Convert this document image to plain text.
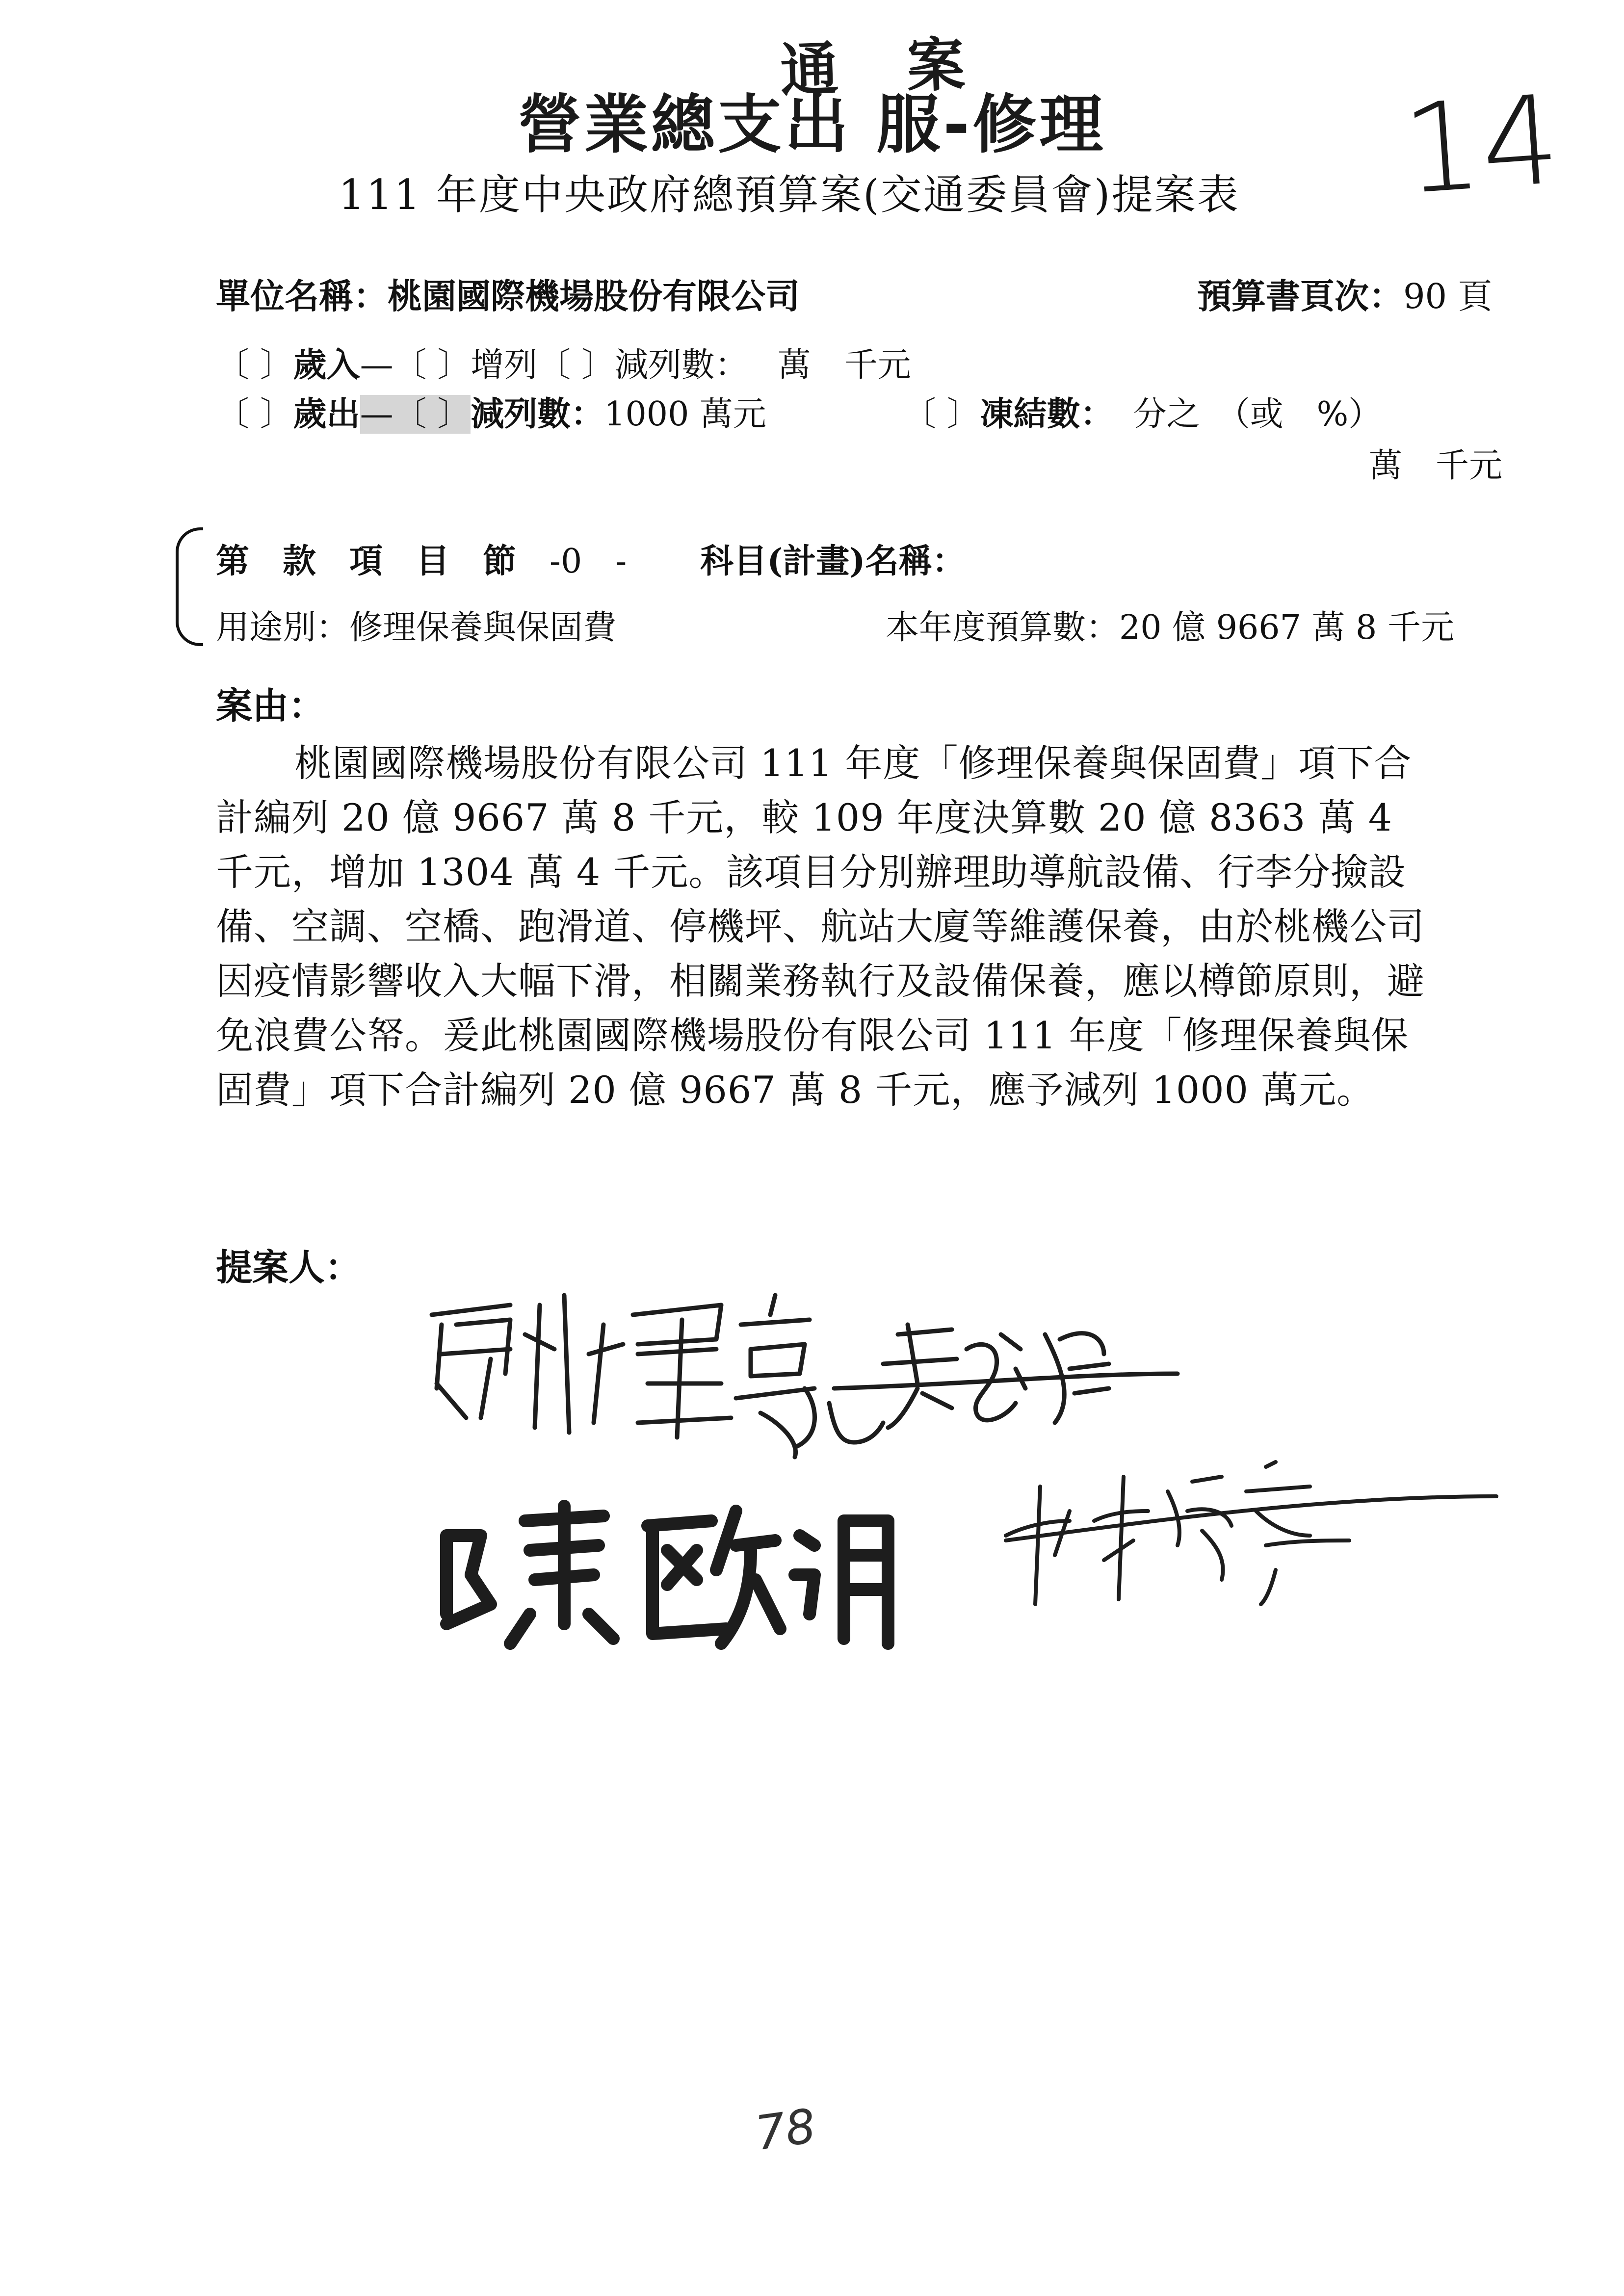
通案
營業總支出 服-修理 14
111 年度中央政府總預算案(交通委員會)提案表
單位名稱：桃園國際機場股份有限公司	預算書頁次：90 頁
〔 〕歲入—〔 〕增列〔 〕減列數： 萬　千元
〔 〕歲出—〔 〕減列數：1000 萬元	〔 〕凍結數： 分之　（或　%）
萬　千元
第款項目節-0　- 科目(計畫)名稱：
用途別：修理保養與保固費	本年度預算數：20 億 9667 萬 8 千元
案由：

桃園國際機場股份有限公司 111 年度「修理保養與保固費」項下合計編列 20 億 9667 萬 8 千元，較 109 年度決算數 20 億 8363 萬 4 千元，增加 1304 萬 4 千元。該項目分別辦理助導航設備、行李分撿設備、空調、空橋、跑滑道、停機坪、航站大廈等維護保養，由於桃機公司因疫情影響收入大幅下滑，相關業務執行及設備保養，應以樽節原則，避免浪費公帑。爰此桃園國際機場股份有限公司 111 年度「修理保養與保固費」項下合計編列 20 億 9667 萬 8 千元，應予減列 1000 萬元。

提案人：
78
